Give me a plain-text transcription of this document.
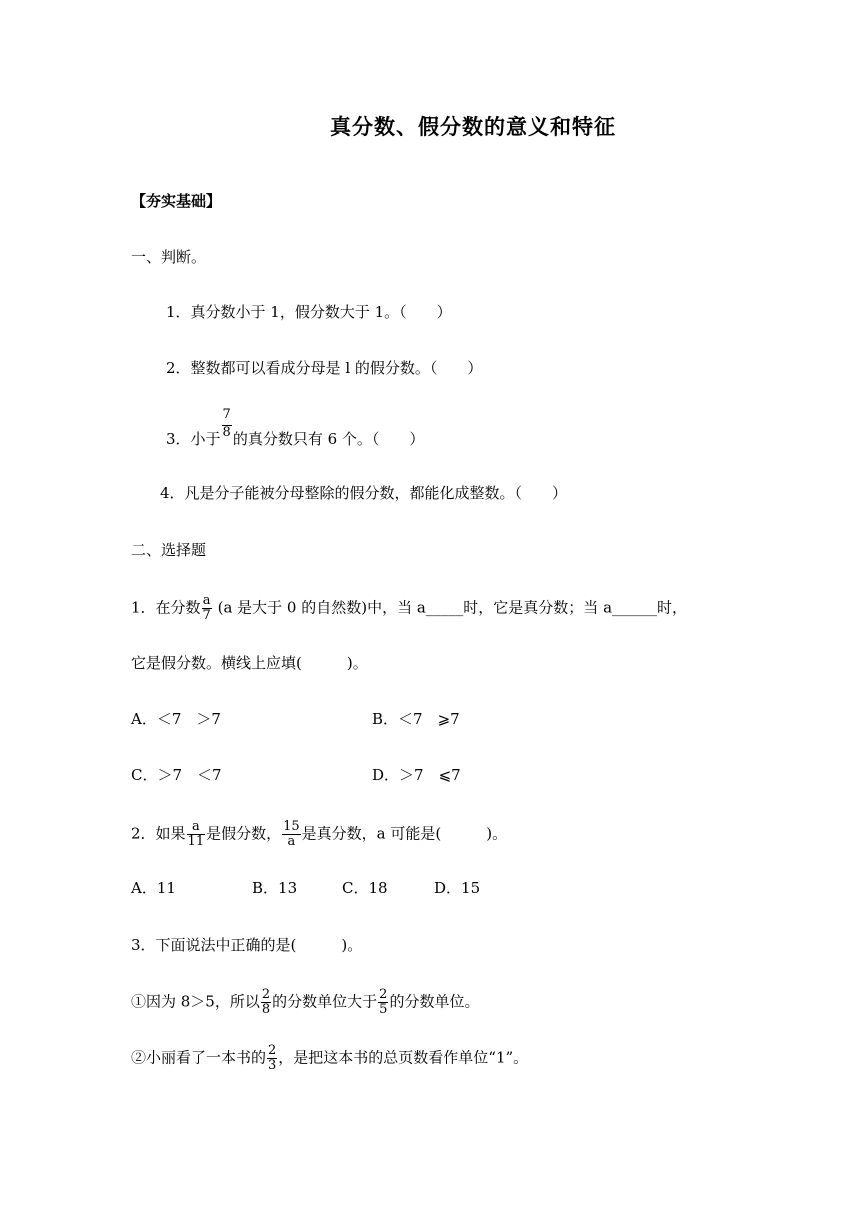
真分数、假分数的意义和特征
【夯实基础】
一、判断。
1．真分数小于 1，假分数大于 1。（　　）
2．整数都可以看成分母是 l 的假分数。（　　）
3．小于 $\frac{7}{8}$ 的真分数只有 6 个。（　　）
4．凡是分子能被分母整除的假分数，都能化成整数。（　　）
二、选择题
1．在分数 $\frac{a}{7} (a$ 是大于 0 的自然数)中，当 a_____时，它是真分数；当 a______时，
它是假分数。横线上应填(　　　)。
A．＜7　＞7	B．＜7　⩾7
C．＞7　＜7	D．＞7　⩽7
2．如果 $\frac{a}{11}$ 是假分数， $\frac{15}{a}$ 是真分数，a 可能是(　　　)。
A．11	B．13	C．18	D．15
3．下面说法中正确的是(　　　)。
①因为 8＞5，所以 $\frac{2}{8}$ 的分数单位大于 $\frac{2}{5}$ 的分数单位。
②小丽看了一本书的 $\frac{2}{3}$ ，是把这本书的总页数看作单位“1”。
